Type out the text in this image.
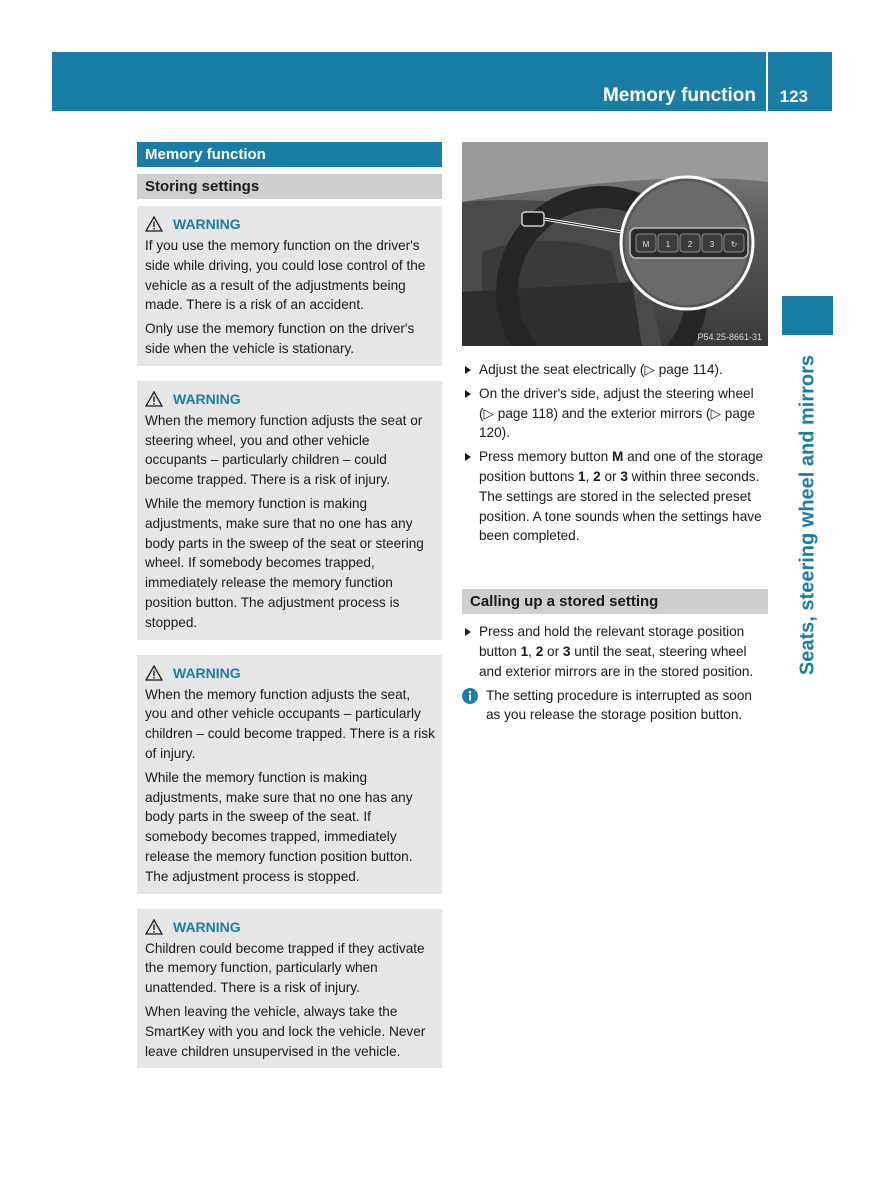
Memory function 123
Seats, steering wheel and mirrors
Memory function
Storing settings
WARNING

If you use the memory function on the driver's side while driving, you could lose control of the vehicle as a result of the adjustments being made. There is a risk of an accident.

Only use the memory function on the driver's side when the vehicle is stationary.

WARNING

When the memory function adjusts the seat or steering wheel, you and other vehicle occupants – particularly children – could become trapped. There is a risk of injury.

While the memory function is making adjustments, make sure that no one has any body parts in the sweep of the seat or steering wheel. If somebody becomes trapped, immediately release the memory function position button. The adjustment process is stopped.

WARNING

When the memory function adjusts the seat, you and other vehicle occupants – particularly children – could become trapped. There is a risk of injury.

While the memory function is making adjustments, make sure that no one has any body parts in the sweep of the seat. If somebody becomes trapped, immediately release the memory function position button. The adjustment process is stopped.

WARNING

Children could become trapped if they activate the memory function, particularly when unattended. There is a risk of injury.

When leaving the vehicle, always take the SmartKey with you and lock the vehicle. Never leave children unsupervised in the vehicle.

M 1 2 3 ↻
P54.25-8661-31
Adjust the seat electrically (▷ page 114).
On the driver's side, adjust the steering wheel (▷ page 118) and the exterior mirrors (▷ page 120).
Press memory button M and one of the storage position buttons 1, 2 or 3 within three seconds.
The settings are stored in the selected preset position. A tone sounds when the settings have been completed.
Calling up a stored setting
Press and hold the relevant storage position button 1, 2 or 3 until the seat, steering wheel and exterior mirrors are in the stored position.
The setting procedure is interrupted as soon as you release the storage position button.
